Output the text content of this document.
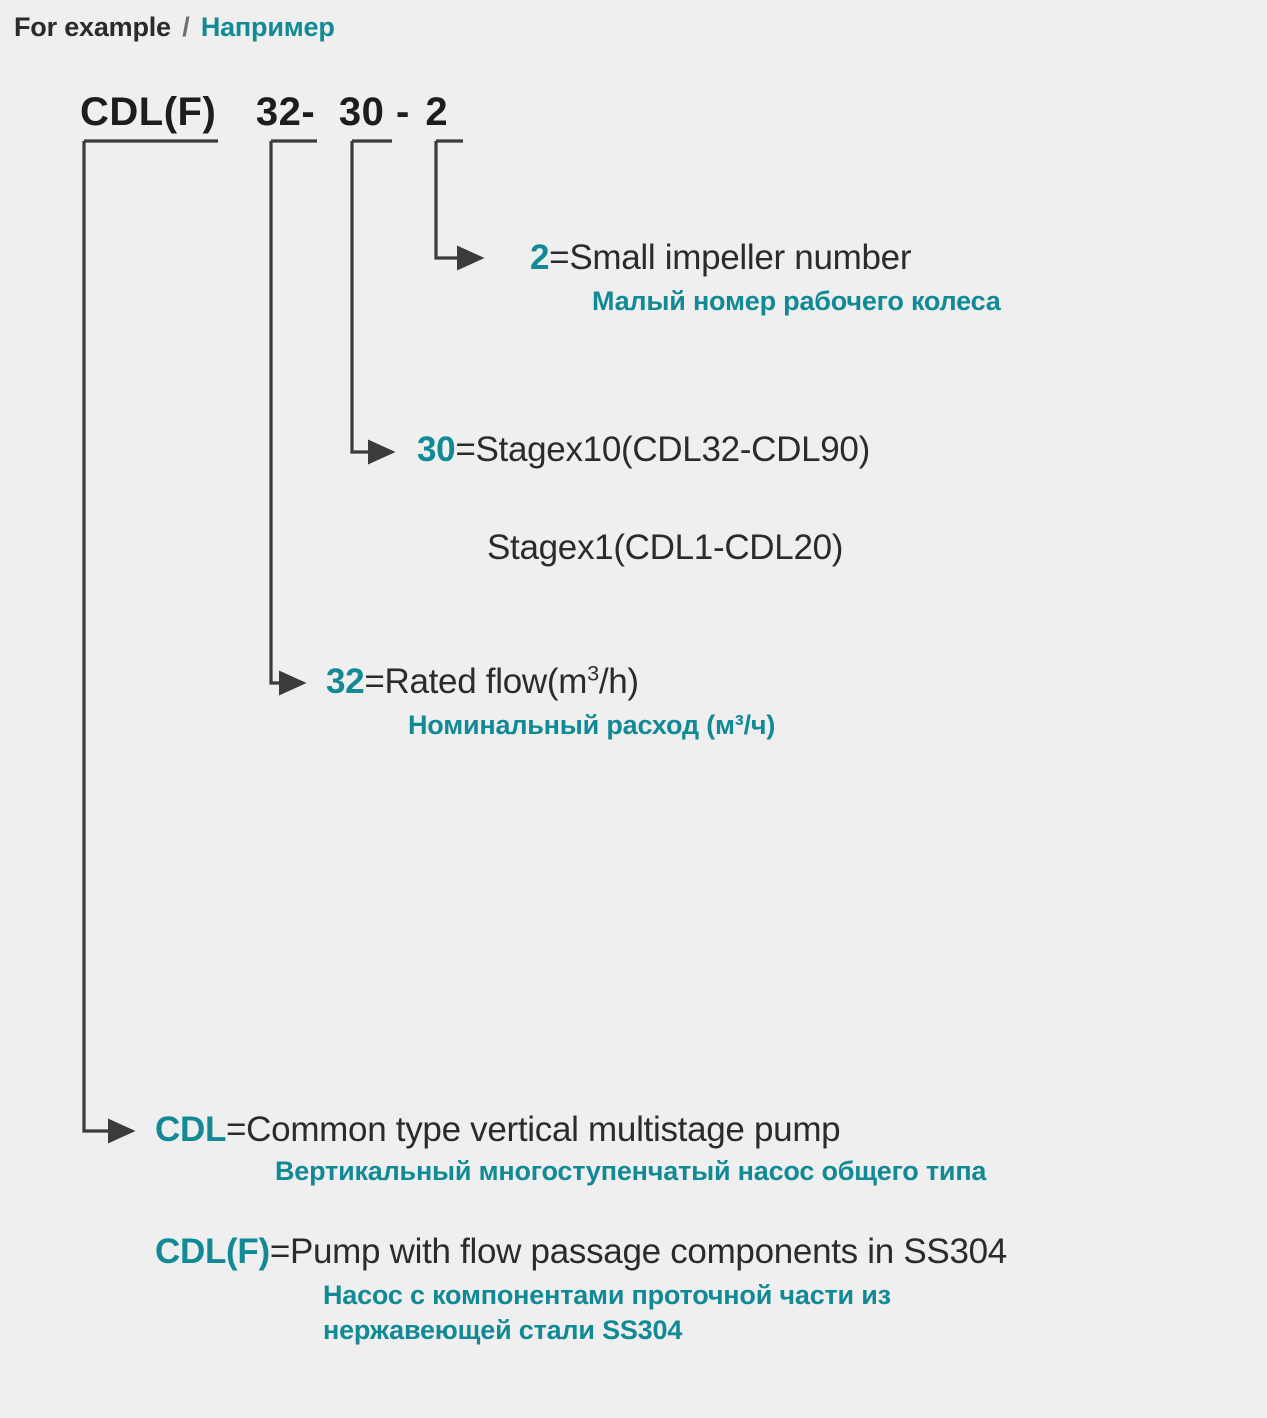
For example / Например
CDL(F) 32- 30 - 2
2=Small impeller number
Малый номер рабочего колеса
30=Stagex10(CDL32-CDL90)
Stagex1(CDL1-CDL20)
32=Rated $flow(m^3/h)$
Номинальный расход (м³/ч)
CDL=Common type vertical multistage pump
Вертикальный многоступенчатый насос общего типа
CDL(F)=Pump with flow passage components in SS304
Насос с компонентами проточной части из нержавеющей стали SS304
